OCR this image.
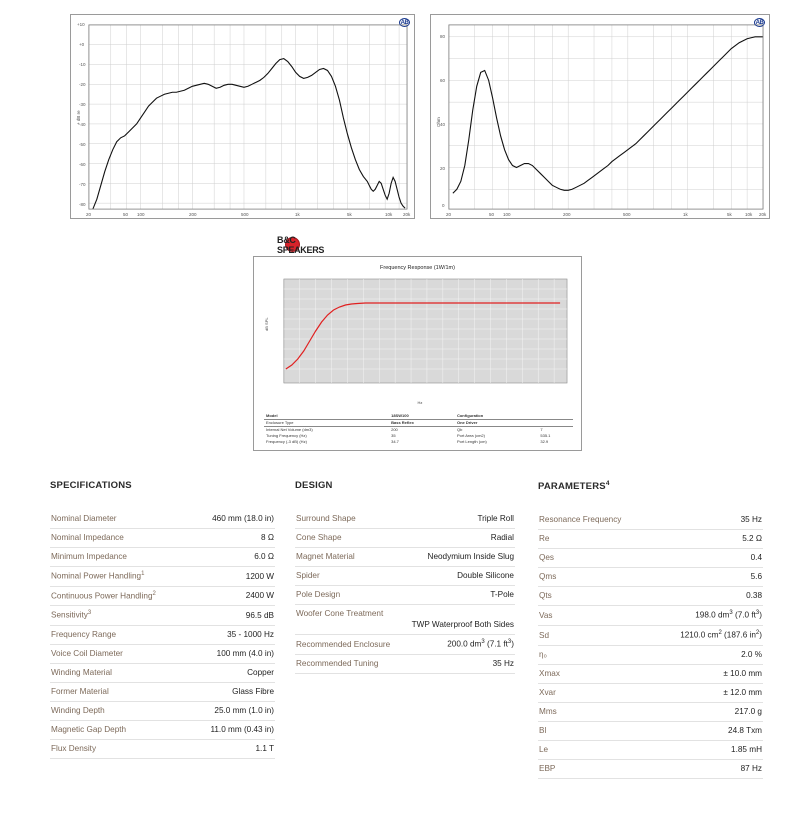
AB
+ dB re
+10
+0
-10
-20
-30
-40
-50
-60
-70
-80
20	50 100	200	500	1k	5k	10k 20k
AB
Ohm
80
60
40
20
0
20	50 100	200	500	1k	5k	10k 20k
B&C SPEAKERS
Frequency Response (1W/1m)
dB SPL
Hz
Model	18SW100	Configuration	
Enclosure Type	Bass Reflex	One Driver	
Internal Net Volume (dm3)	200	Qb	7
Tuning Frequency (Hz)	35	Port Area (cm2)	535.1
Frequency (-3 dB) (Hz)	34.7	Port Length (cm)	32.9
SPECIFICATIONS
Nominal Diameter	460 mm (18.0 in)
Nominal Impedance	8 Ω
Minimum Impedance	6.0 Ω
Nominal Power Handling$^1$	1200 W
Continuous Power Handling$^2$	2400 W
Sensitivity$^3$	96.5 dB
Frequency Range	35 - 1000 Hz
Voice Coil Diameter	100 mm (4.0 in)
Winding Material	Copper
Former Material	Glass Fibre
Winding Depth	25.0 mm (1.0 in)
Magnetic Gap Depth	11.0 mm (0.43 in)
Flux Density	1.1 T
DESIGN
Surround Shape	Triple Roll
Cone Shape	Radial
Magnet Material	Neodymium Inside Slug
Spider	Double Silicone
Pole Design	T-Pole
Woofer Cone Treatment
TWP Waterproof Both Sides
Recommended Enclosure	200.0 $dm^3$ (7.1 $ft^3$)
Recommended Tuning	35 Hz
PARAMETERS$^4$
Resonance Frequency	35 Hz
Re	5.2 Ω
Qes	0.4
Qms	5.6
Qts	0.38
Vas	198.0 $dm^3$ (7.0 $ft^3$)
Sd	1210.0 $cm^2$ (187.6 $in^2$)
η₀	2.0 %
Xmax	± 10.0 mm
Xvar	± 12.0 mm
Mms	217.0 g
Bl	24.8 Txm
Le	1.85 mH
EBP	87 Hz
